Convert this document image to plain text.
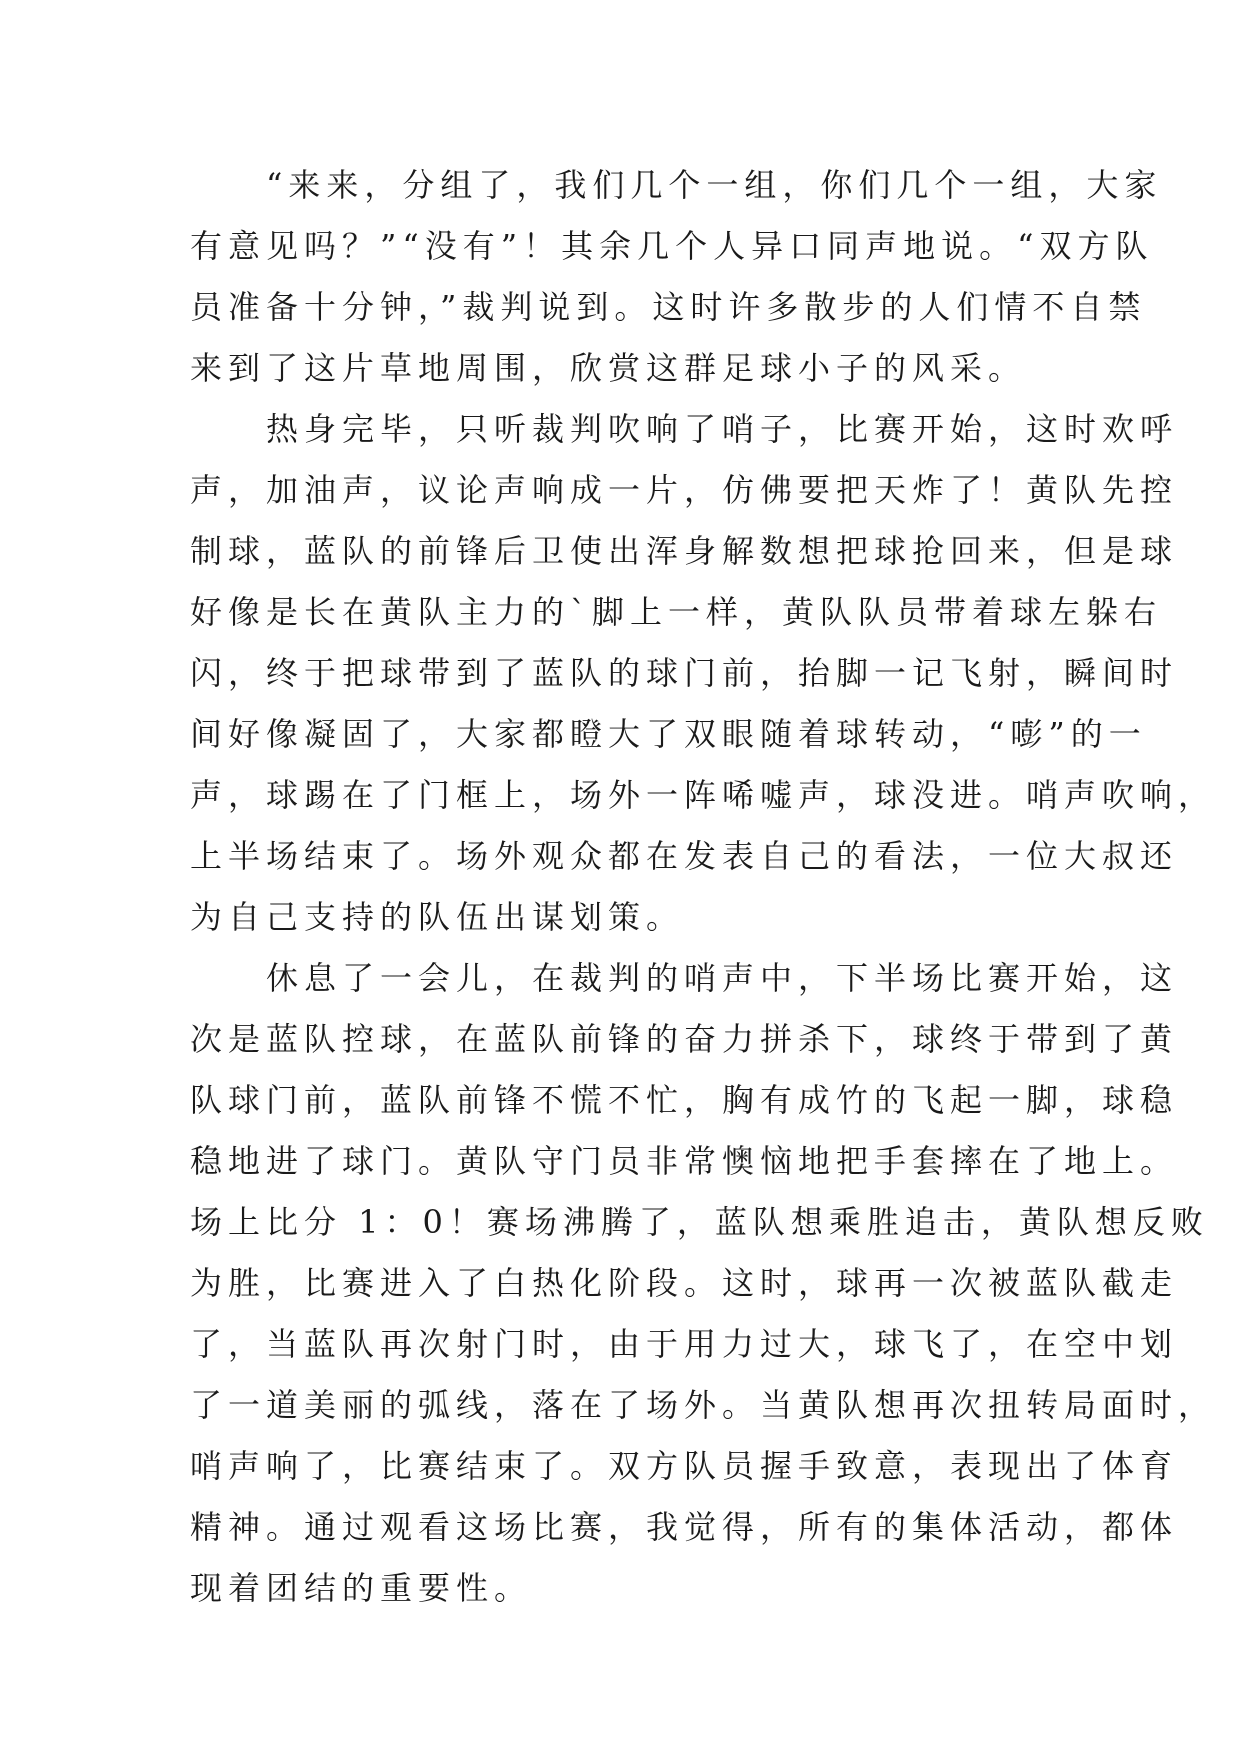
“来来，分组了，我们几个一组，你们几个一组，大家
有意见吗？”“没有”！其余几个人异口同声地说。“双方队
员准备十分钟，”裁判说到。这时许多散步的人们情不自禁
来到了这片草地周围，欣赏这群足球小子的风采。
热身完毕，只听裁判吹响了哨子，比赛开始，这时欢呼
声，加油声，议论声响成一片，仿佛要把天炸了！黄队先控
制球，蓝队的前锋后卫使出浑身解数想把球抢回来，但是球
好像是长在黄队主力的`脚上一样，黄队队员带着球左躲右
闪，终于把球带到了蓝队的球门前，抬脚一记飞射，瞬间时
间好像凝固了，大家都瞪大了双眼随着球转动，“嘭”的一
声，球踢在了门框上，场外一阵唏嘘声，球没进。哨声吹响，
上半场结束了。场外观众都在发表自己的看法，一位大叔还
为自己支持的队伍出谋划策。
休息了一会儿，在裁判的哨声中，下半场比赛开始，这
次是蓝队控球，在蓝队前锋的奋力拼杀下，球终于带到了黄
队球门前，蓝队前锋不慌不忙，胸有成竹的飞起一脚，球稳
稳地进了球门。黄队守门员非常懊恼地把手套摔在了地上。
场上比分 1：0！赛场沸腾了，蓝队想乘胜追击，黄队想反败
为胜，比赛进入了白热化阶段。这时，球再一次被蓝队截走
了，当蓝队再次射门时，由于用力过大，球飞了，在空中划
了一道美丽的弧线，落在了场外。当黄队想再次扭转局面时，
哨声响了，比赛结束了。双方队员握手致意，表现出了体育
精神。通过观看这场比赛，我觉得，所有的集体活动，都体
现着团结的重要性。
